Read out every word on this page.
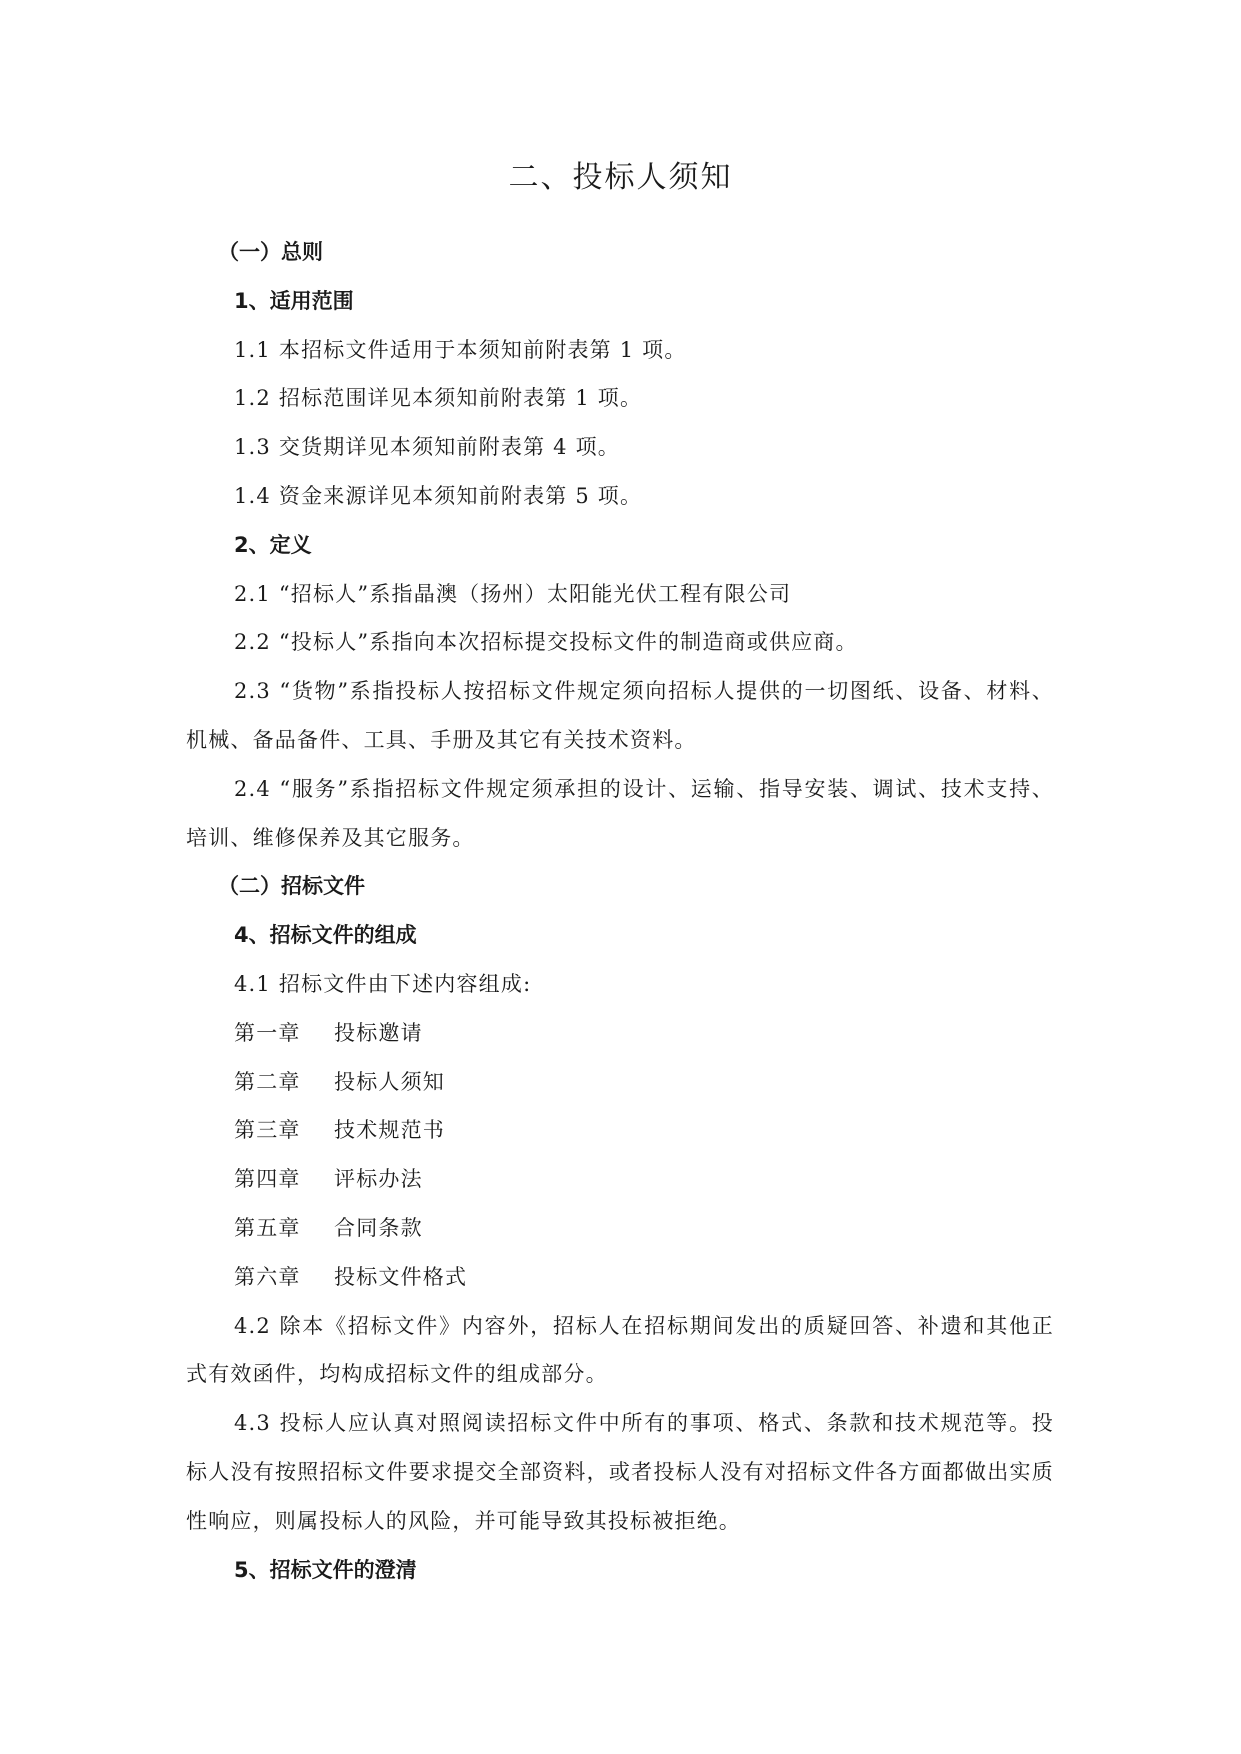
二、投标人须知

（一）总则

1、适用范围

1.1 本招标文件适用于本须知前附表第 1 项。

1.2 招标范围详见本须知前附表第 1 项。

1.3 交货期详见本须知前附表第 4 项。

1.4 资金来源详见本须知前附表第 5 项。

2、定义

2.1 “招标人”系指晶澳（扬州）太阳能光伏工程有限公司

2.2 “投标人”系指向本次招标提交投标文件的制造商或供应商。

2.3 “货物”系指投标人按招标文件规定须向招标人提供的一切图纸、设备、材料、机械、备品备件、工具、手册及其它有关技术资料。

2.4 “服务”系指招标文件规定须承担的设计、运输、指导安装、调试、技术支持、培训、维修保养及其它服务。

（二）招标文件

4、招标文件的组成

4.1 招标文件由下述内容组成:

第一章 投标邀请

第二章 投标人须知

第三章 技术规范书

第四章 评标办法

第五章 合同条款

第六章 投标文件格式

4.2 除本《招标文件》内容外，招标人在招标期间发出的质疑回答、补遗和其他正式有效函件，均构成招标文件的组成部分。

4.3 投标人应认真对照阅读招标文件中所有的事项、格式、条款和技术规范等。投标人没有按照招标文件要求提交全部资料，或者投标人没有对招标文件各方面都做出实质性响应，则属投标人的风险，并可能导致其投标被拒绝。

5、招标文件的澄清
